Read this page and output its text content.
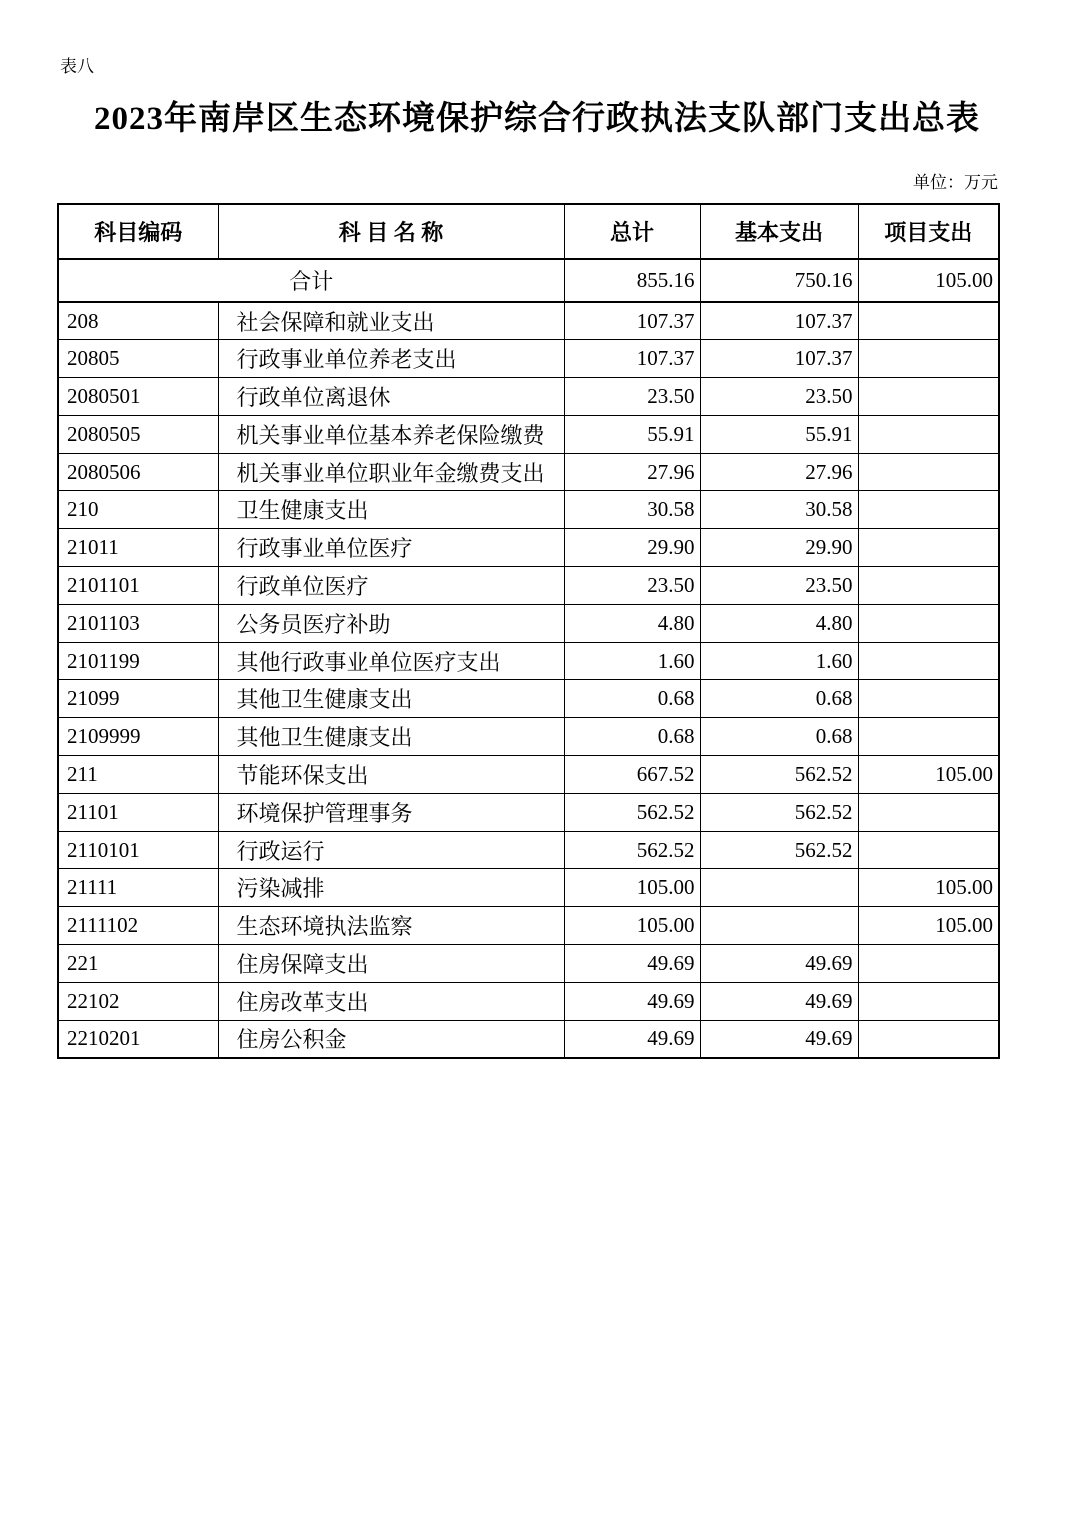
表八
2023年南岸区生态环境保护综合行政执法支队部门支出总表
单位：万元
科目编码	科 目 名 称	总计	基本支出	项目支出
合计		855.16	750.16	105.00
208	社会保障和就业支出	107.37	107.37	
20805	行政事业单位养老支出	107.37	107.37	
2080501	行政单位离退休	23.50	23.50	
2080505	机关事业单位基本养老保险缴费	55.91	55.91	
2080506	机关事业单位职业年金缴费支出	27.96	27.96	
210	卫生健康支出	30.58	30.58	
21011	行政事业单位医疗	29.90	29.90	
2101101	行政单位医疗	23.50	23.50	
2101103	公务员医疗补助	4.80	4.80	
2101199	其他行政事业单位医疗支出	1.60	1.60	
21099	其他卫生健康支出	0.68	0.68	
2109999	其他卫生健康支出	0.68	0.68	
211	节能环保支出	667.52	562.52	105.00
21101	环境保护管理事务	562.52	562.52	
2110101	行政运行	562.52	562.52	
21111	污染减排	105.00		105.00
2111102	生态环境执法监察	105.00		105.00
221	住房保障支出	49.69	49.69	
22102	住房改革支出	49.69	49.69	
2210201	住房公积金	49.69	49.69	
